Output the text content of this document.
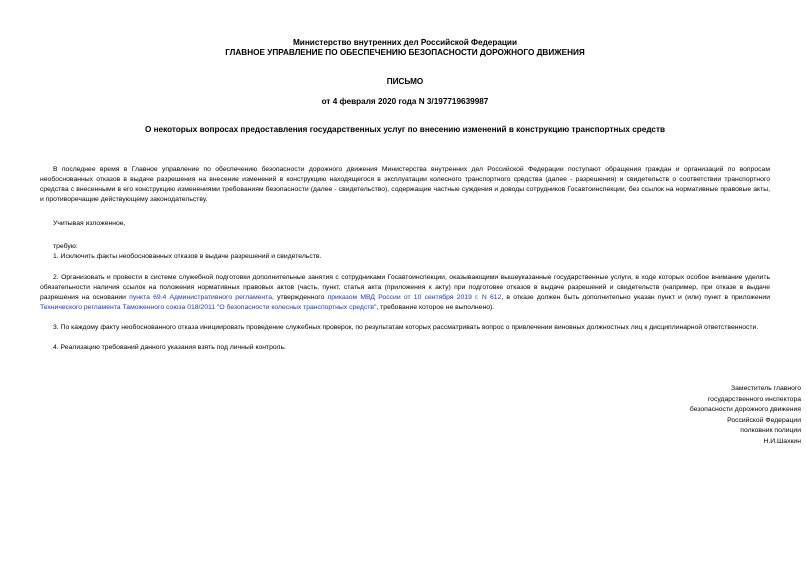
Министерство внутренних дел Российской Федерации
ГЛАВНОЕ УПРАВЛЕНИЕ ПО ОБЕСПЕЧЕНИЮ БЕЗОПАСНОСТИ ДОРОЖНОГО ДВИЖЕНИЯ
ПИСЬМО
от 4 февраля 2020 года N 3/197719639987
О некоторых вопросах предоставления государственных услуг по внесению изменений в конструкцию транспортных средств

В последнее время в Главное управление по обеспечению безопасности дорожного движения Министерства внутренних дел Российской Федерации поступают обращения граждан и организаций по вопросам необоснованных отказов в выдаче разрешения на внесение изменений в конструкцию находящегося в эксплуатации колесного транспортного средства (далее - разрешения) и свидетельств о соответствии транспортного средства с внесенными в его конструкцию изменениями требованиям безопасности (далее - свидетельство), содержащие частные суждения и доводы сотрудников Госавтоинспекции, без ссылок на нормативные правовые акты, и противоречащие действующему законодательству.

Учитывая изложенное,

требую:

1. Исключить факты необоснованных отказов в выдаче разрешений и свидетельств.

2. Организовать и провести в системе служебной подготовки дополнительные занятия с сотрудниками Госавтоинспекции, оказывающими вышеуказанные государственные услуги, в ходе которых особое внимание уделить обязательности наличия ссылок на положения нормативных правовых актов (часть, пункт, статья акта (приложения к акту) при подготовке отказов в выдаче разрешений и свидетельств (например, при отказе в выдаче разрешения на основании пункта 69.4 Административного регламента, утвержденного приказом МВД России от 10 сентября 2019 г. N 612, в отказе должен быть дополнительно указан пункт и (или) пункт в приложении Технического регламента Таможенного союза 018/2011 "О безопасности колесных транспортных средств", требование которое не выполнено).

3. По каждому факту необоснованного отказа инициировать проведение служебных проверок, по результатам которых рассматривать вопрос о привлечении виновных должностных лиц к дисциплинарной ответственности.

4. Реализацию требований данного указания взять под личный контроль.

Заместитель главного
государственного инспектора
безопасности дорожного движения
Российской Федерации
полковник полиции
Н.И.Шахкин
